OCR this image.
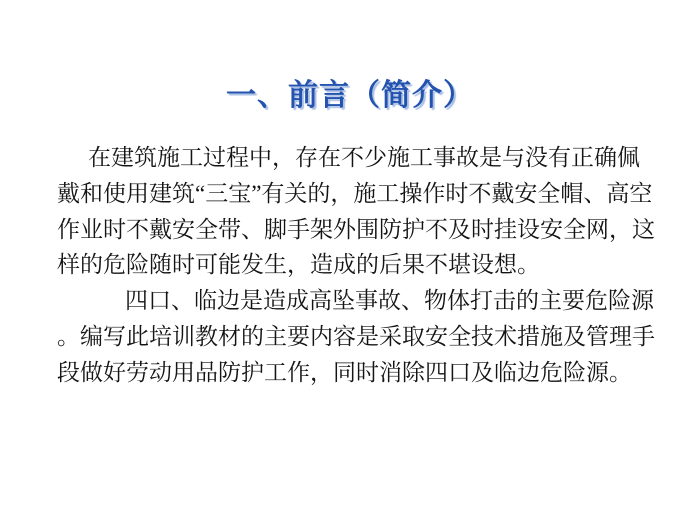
一、前言（简介）
在建筑施工过程中，存在不少施工事故是与没有正确佩
戴和使用建筑“三宝”有关的，施工操作时不戴安全帽、高空
作业时不戴安全带、脚手架外围防护不及时挂设安全网，这
样的危险随时可能发生，造成的后果不堪设想。
四口、临边是造成高坠事故、物体打击的主要危险源
。编写此培训教材的主要内容是采取安全技术措施及管理手
段做好劳动用品防护工作，同时消除四口及临边危险源。
